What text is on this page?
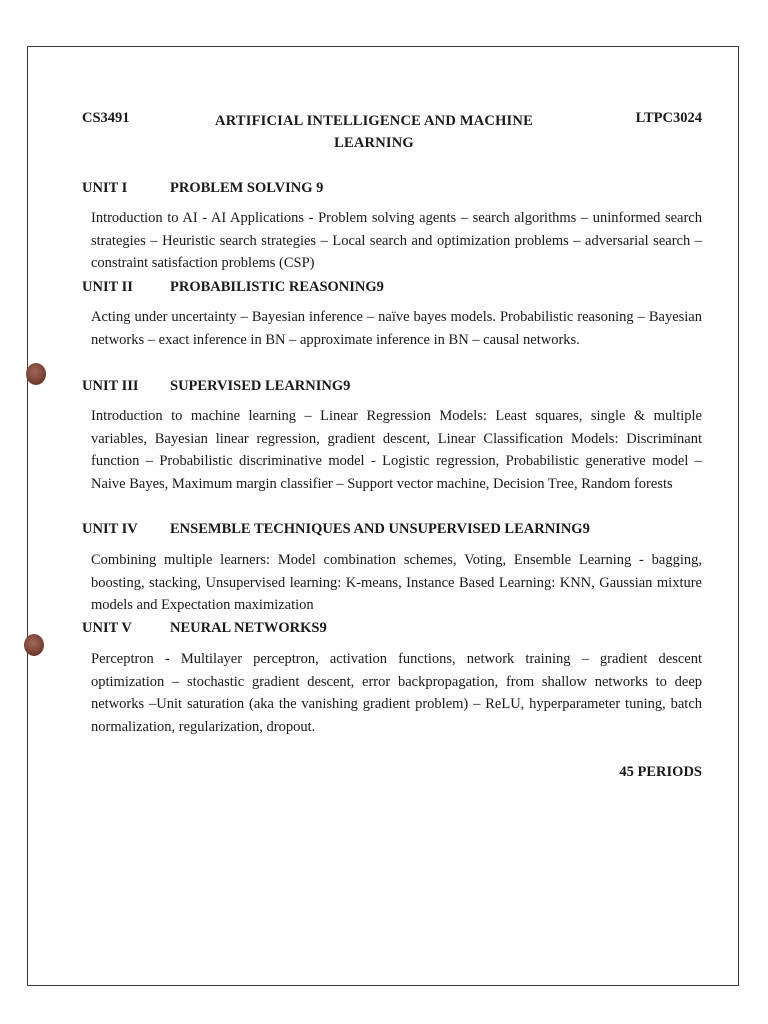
CS3491	ARTIFICIAL INTELLIGENCE AND MACHINE LEARNING
LTPC3024
UNIT I	PROBLEM SOLVING 9
Introduction to AI - AI Applications - Problem solving agents – search algorithms – uninformed search strategies – Heuristic search strategies – Local search and optimization problems – adversarial search – constraint satisfaction problems (CSP)
UNIT II	PROBABILISTIC REASONING9
Acting under uncertainty – Bayesian inference – naïve bayes models. Probabilistic reasoning – Bayesian networks – exact inference in BN – approximate inference in BN – causal networks.
UNIT III SUPERVISED LEARNING9
Introduction to machine learning – Linear Regression Models: Least squares, single & multiple variables, Bayesian linear regression, gradient descent, Linear Classification Models: Discriminant function – Probabilistic discriminative model - Logistic regression, Probabilistic generative model – Naive Bayes, Maximum margin classifier – Support vector machine, Decision Tree, Random forests
UNIT IV ENSEMBLE TECHNIQUES AND UNSUPERVISED LEARNING9
Combining multiple learners: Model combination schemes, Voting, Ensemble Learning - bagging, boosting, stacking, Unsupervised learning: K-means, Instance Based Learning: KNN, Gaussian mixture models and Expectation maximization
UNIT V	NEURAL NETWORKS9
Perceptron - Multilayer perceptron, activation functions, network training – gradient descent optimization – stochastic gradient descent, error backpropagation, from shallow networks to deep networks –Unit saturation (aka the vanishing gradient problem) – ReLU, hyperparameter tuning, batch normalization, regularization, dropout.
45 PERIODS
